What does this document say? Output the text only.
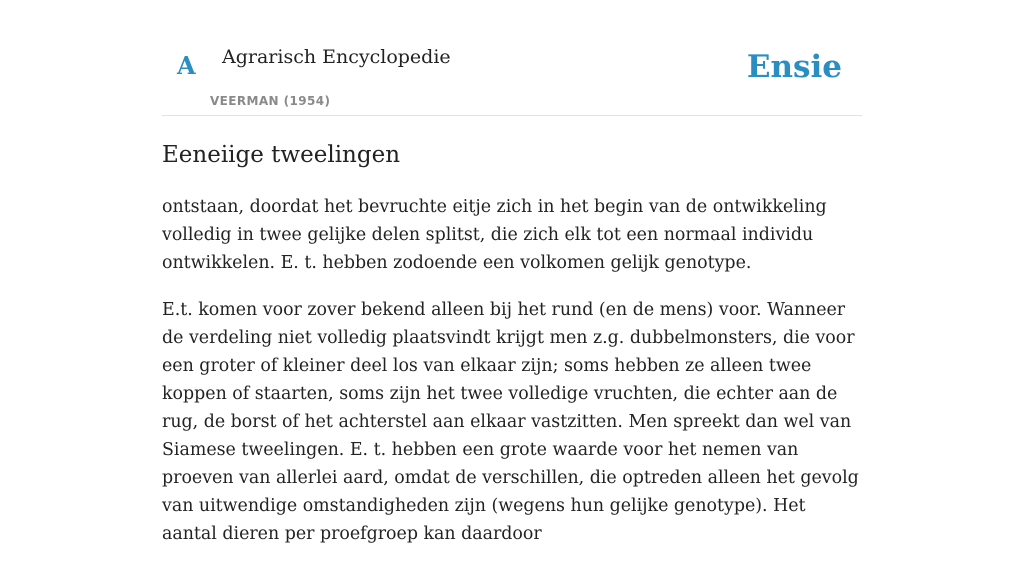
A Agrarisch Encyclopedie
VEERMAN (1954)
Ensie
Eeneiige tweelingen

ontstaan, doordat het bevruchte eitje zich in het begin van de ontwikkeling volledig in twee gelijke delen splitst, die zich elk tot een normaal individu ontwikkelen. E. t. hebben zodoende een volkomen gelijk genotype.

E.t. komen voor zover bekend alleen bij het rund (en de mens) voor. Wanneer de verdeling niet volledig plaatsvindt krijgt men z.g. dubbelmonsters, die voor een groter of kleiner deel los van elkaar zijn; soms hebben ze alleen twee koppen of staarten, soms zijn het twee volledige vruchten, die echter aan de rug, de borst of het achterstel aan elkaar vastzitten. Men spreekt dan wel van Siamese tweelingen. E. t. hebben een grote waarde voor het nemen van proeven van allerlei aard, omdat de verschillen, die optreden alleen het gevolg van uitwendige omstandigheden zijn (wegens hun gelijke genotype). Het aantal dieren per proefgroep kan daardoor
